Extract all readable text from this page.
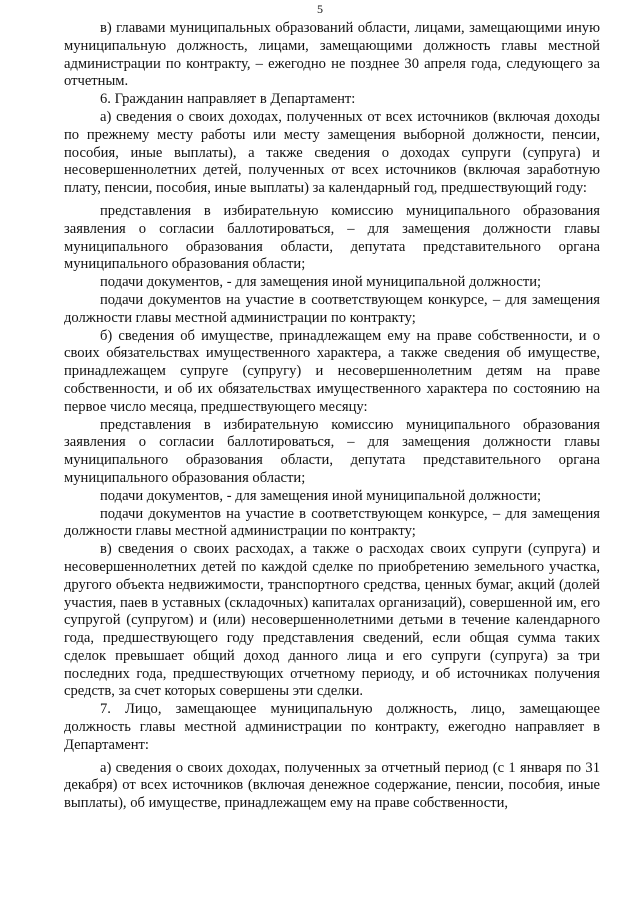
5

в) главами муниципальных образований области, лицами, замещающими иную муниципальную должность, лицами, замещающими должность главы местной администрации по контракту, – ежегодно не позднее 30 апреля года, следующего за отчетным.

6. Гражданин направляет в Департамент:

а) сведения о своих доходах, полученных от всех источников (включая доходы по прежнему месту работы или месту замещения выборной должности, пенсии, пособия, иные выплаты), а также сведения о доходах супруги (супруга) и несовершеннолетних детей, полученных от всех источников (включая заработную плату, пенсии, пособия, иные выплаты) за календарный год, предшествующий году:

представления в избирательную комиссию муниципального образования заявления о согласии баллотироваться, – для замещения должности главы муниципального образования области, депутата представительного органа муниципального образования области;

подачи документов, - для замещения иной муниципальной должности;

подачи документов на участие в соответствующем конкурсе, – для замещения должности главы местной администрации по контракту;

б) сведения об имуществе, принадлежащем ему на праве собственности, и о своих обязательствах имущественного характера, а также сведения об имуществе, принадлежащем супруге (супругу) и несовершеннолетним детям на праве собственности, и об их обязательствах имущественного характера по состоянию на первое число месяца, предшествующего месяцу:

представления в избирательную комиссию муниципального образования заявления о согласии баллотироваться, – для замещения должности главы муниципального образования области, депутата представительного органа муниципального образования области;

подачи документов, - для замещения иной муниципальной должности;

подачи документов на участие в соответствующем конкурсе, – для замещения должности главы местной администрации по контракту;

в) сведения о своих расходах, а также о расходах своих супруги (супруга) и несовершеннолетних детей по каждой сделке по приобретению земельного участка, другого объекта недвижимости, транспортного средства, ценных бумаг, акций (долей участия, паев в уставных (складочных) капиталах организаций), совершенной им, его супругой (супругом) и (или) несовершеннолетними детьми в течение календарного года, предшествующего году представления сведений, если общая сумма таких сделок превышает общий доход данного лица и его супруги (супруга) за три последних года, предшествующих отчетному периоду, и об источниках получения средств, за счет которых совершены эти сделки.

7. Лицо, замещающее муниципальную должность, лицо, замещающее должность главы местной администрации по контракту, ежегодно направляет в Департамент:

а) сведения о своих доходах, полученных за отчетный период (с 1 января по 31 декабря) от всех источников (включая денежное содержание, пенсии, пособия, иные выплаты), об имуществе, принадлежащем ему на праве собственности,
